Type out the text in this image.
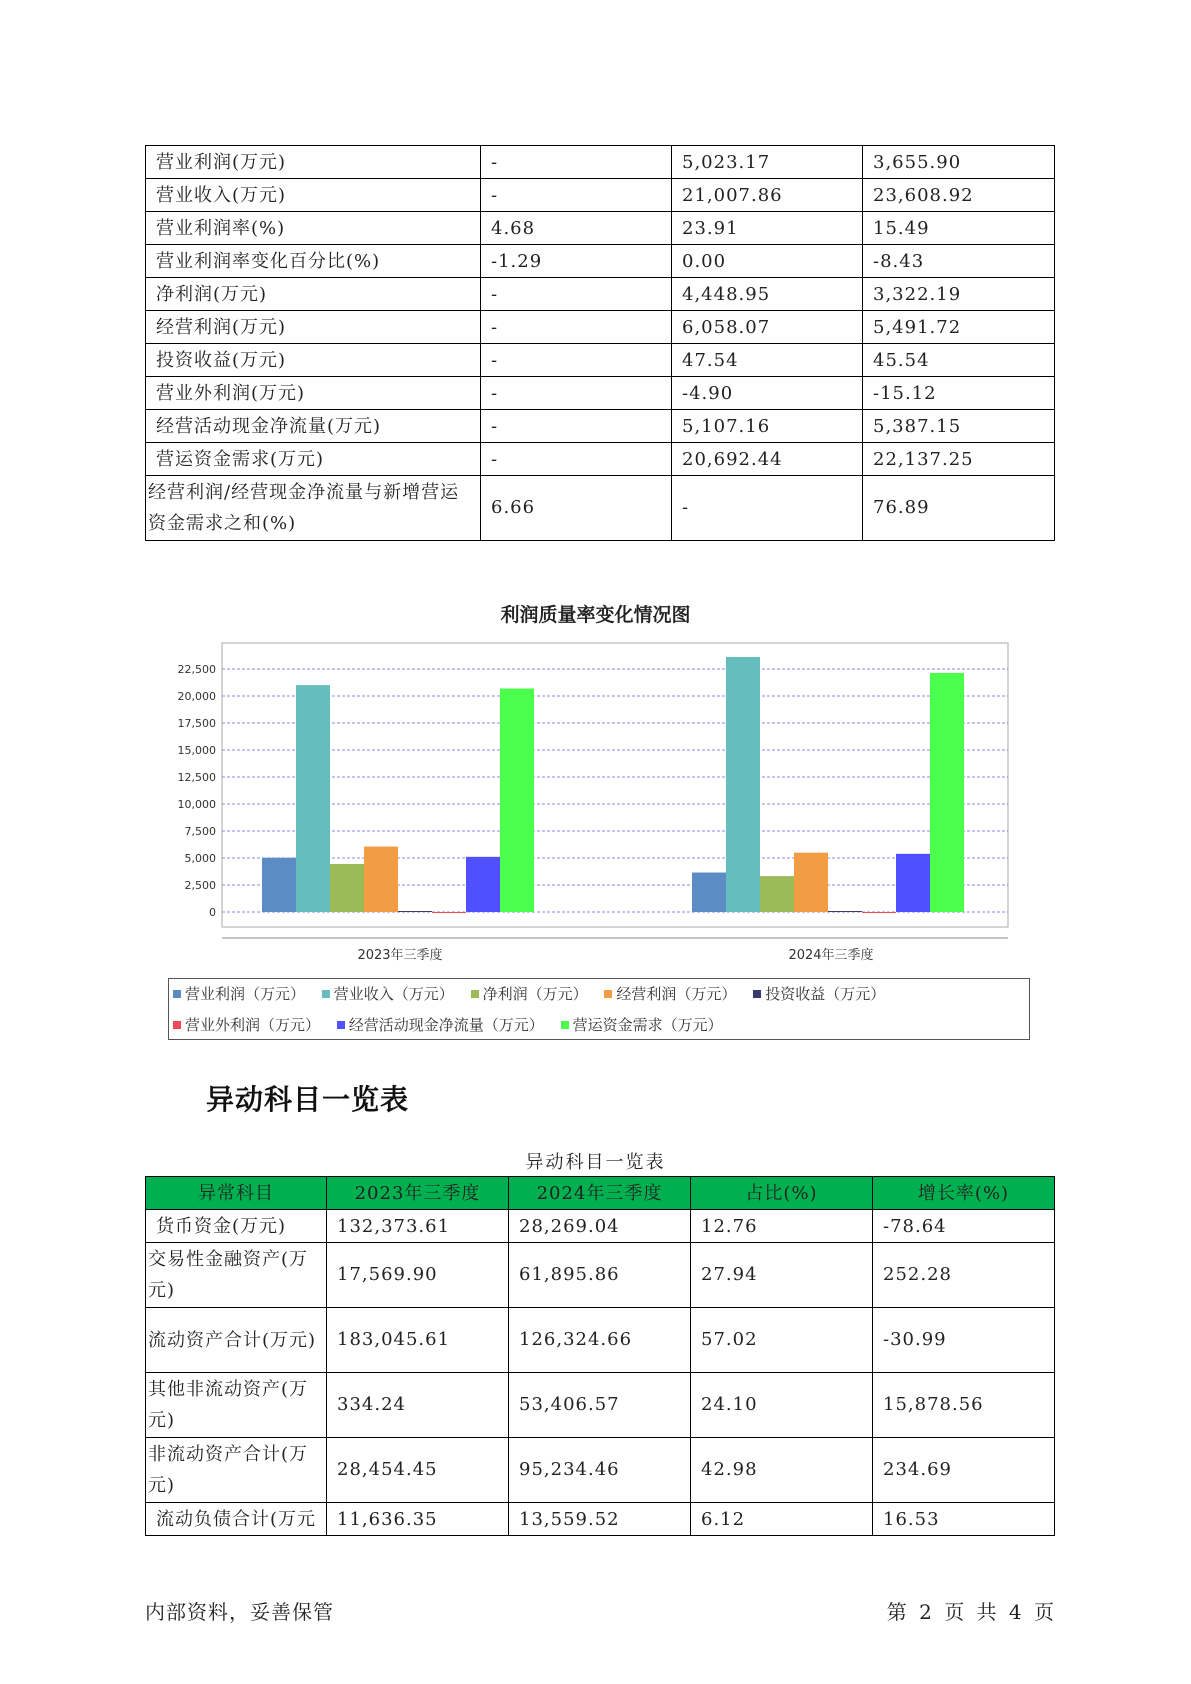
营业利润(万元)	-	5,023.17	3,655.90
营业收入(万元)	-	21,007.86	23,608.92
营业利润率(%)	4.68	23.91	15.49
营业利润率变化百分比(%)	-1.29	0.00	-8.43
净利润(万元)	-	4,448.95	3,322.19
经营利润(万元)	-	6,058.07	5,491.72
投资收益(万元)	-	47.54	45.54
营业外利润(万元)	-	-4.90	-15.12
经营活动现金净流量(万元)	-	5,107.16	5,387.15
营运资金需求(万元)	-	20,692.44	22,137.25
经营利润/经营现金净流量与新增营运资金需求之和(%)	6.66	-	76.89
利润质量率变化情况图
0
2,500
5,000
7,500
10,000
12,500
15,000
17,500
20,000
22,500
2023年三季度	2024年三季度
营业利润（万元） 营业收入（万元） 净利润（万元） 经营利润（万元） 投资收益（万元）
营业外利润（万元） 经营活动现金净流量（万元） 营运资金需求（万元）
异动科目一览表
异动科目一览表
异常科目	2023年三季度	2024年三季度	占比(%)	增长率(%)
货币资金(万元)	132,373.61	28,269.04	12.76	-78.64
交易性金融资产(万元)	17,569.90	61,895.86	27.94	252.28
流动资产合计(万元)	183,045.61	126,324.66	57.02	-30.99
其他非流动资产(万元)	334.24	53,406.57	24.10	15,878.56
非流动资产合计(万元)	28,454.45	95,234.46	42.98	234.69
流动负债合计(万元	11,636.35	13,559.52	6.12	16.53
内部资料，妥善保管	第 2 页 共 4 页
